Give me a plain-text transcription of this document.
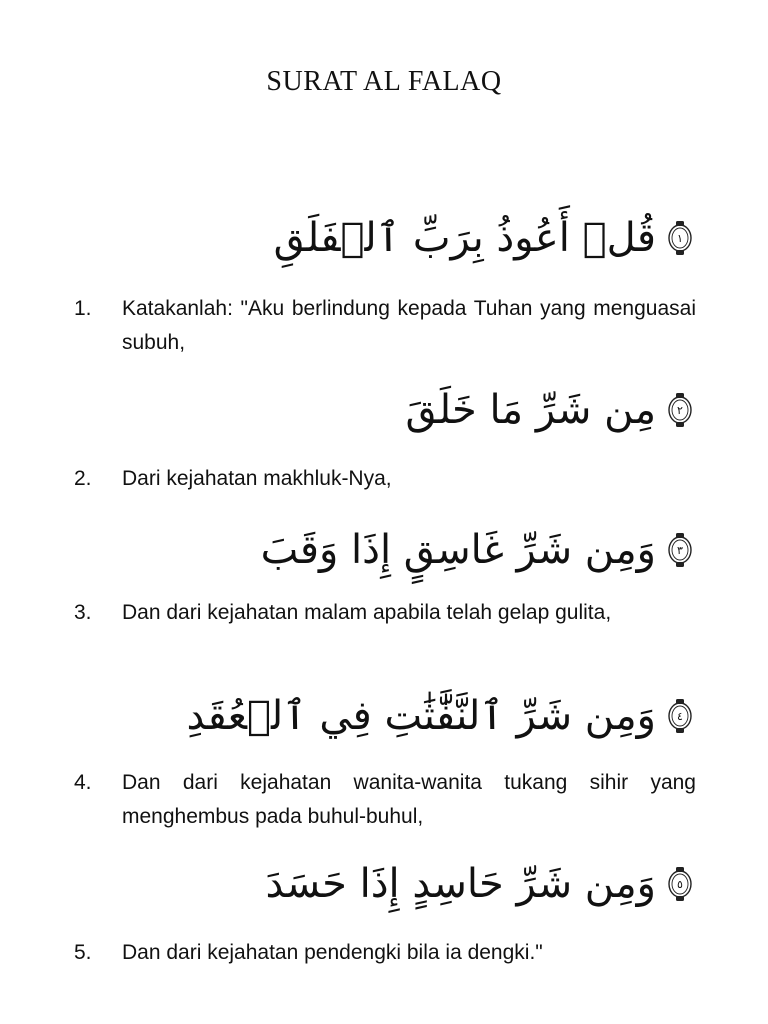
SURAT AL FALAQ
قُلۡ أَعُوذُ بِرَبِّ ٱلۡفَلَقِ ١
1.	Katakanlah: "Aku berlindung kepada Tuhan yang menguasai subuh,
مِن شَرِّ مَا خَلَقَ ٢
2.	Dari kejahatan makhluk-Nya,
وَمِن شَرِّ غَاسِقٍ إِذَا وَقَبَ ٣
3.	Dan dari kejahatan malam apabila telah gelap gulita,
وَمِن شَرِّ ٱلنَّفَّٰثَٰتِ فِي ٱلۡعُقَدِ ٤
4.	Dan dari kejahatan wanita-wanita tukang sihir yang menghembus pada buhul-buhul,
وَمِن شَرِّ حَاسِدٍ إِذَا حَسَدَ ٥
5.	Dan dari kejahatan pendengki bila ia dengki."
